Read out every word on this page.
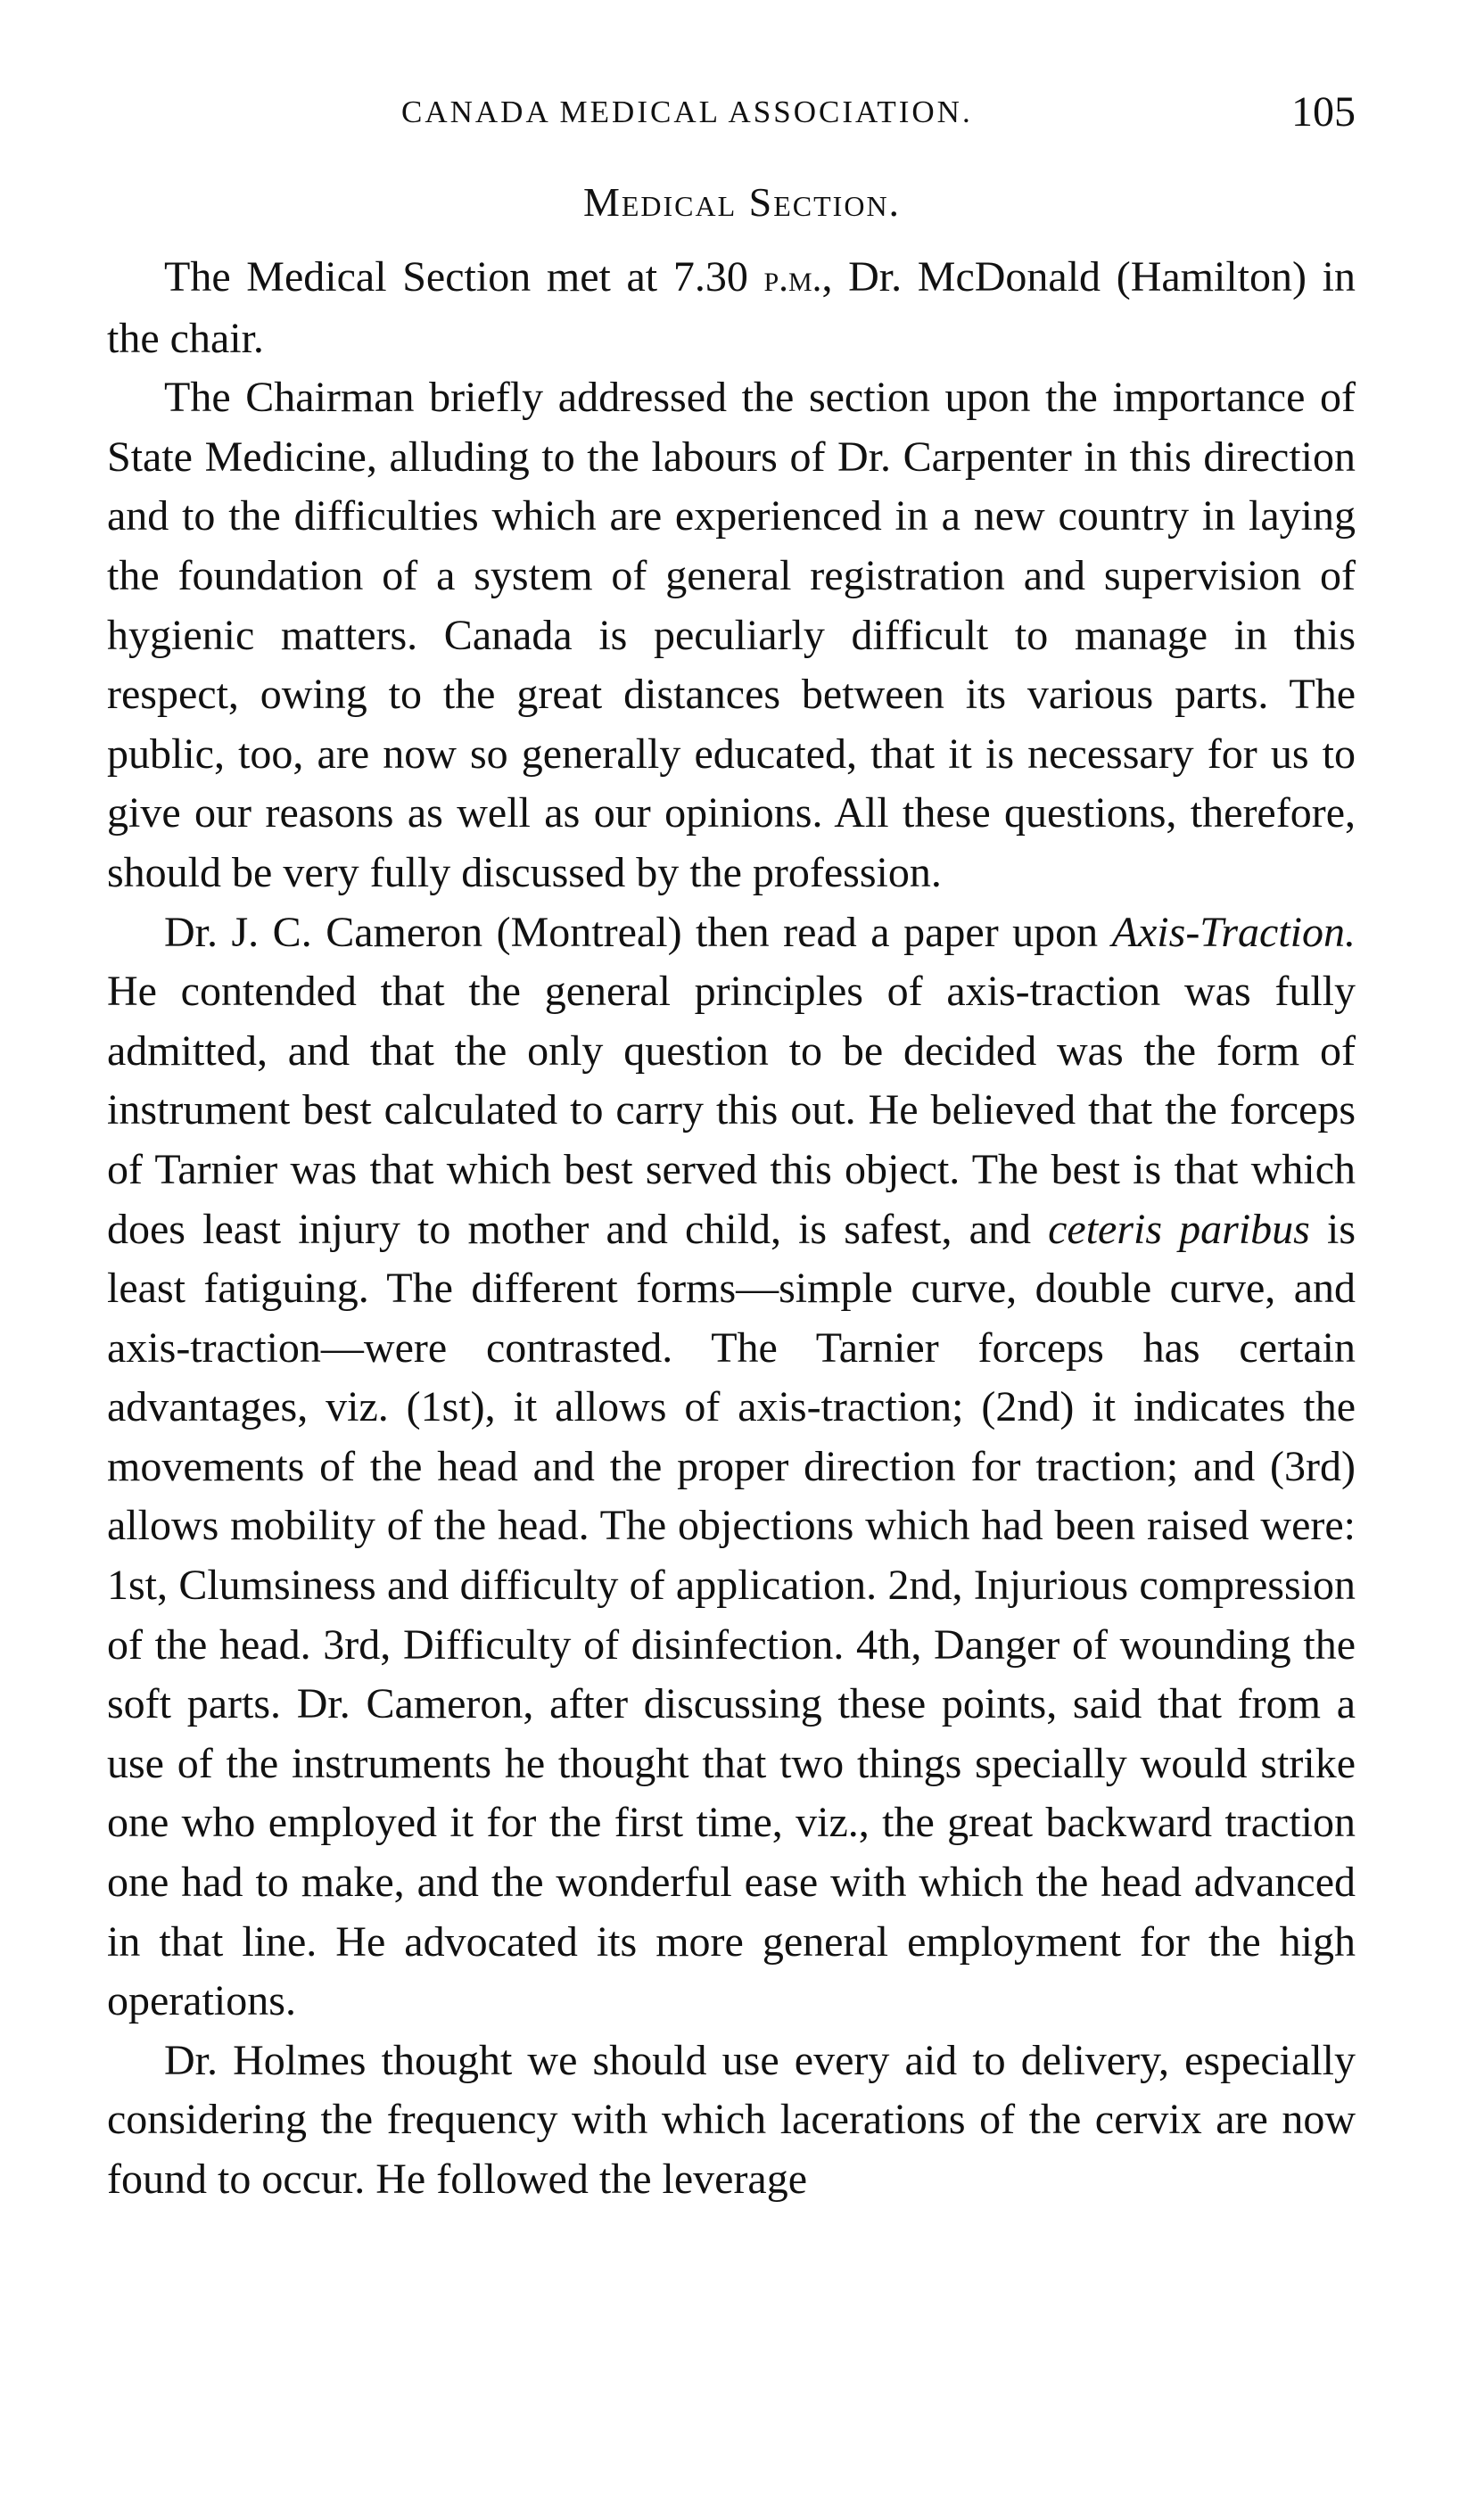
CANADA MEDICAL ASSOCIATION.	105
Medical Section.

The Medical Section met at 7.30 p.m., Dr. McDonald (Hamilton) in the chair.

The Chairman briefly addressed the section upon the importance of State Medicine, alluding to the labours of Dr. Carpenter in this direction and to the difficulties which are experienced in a new country in laying the foundation of a system of general registration and supervision of hygienic matters. Canada is peculiarly difficult to manage in this respect, owing to the great distances between its various parts. The public, too, are now so generally educated, that it is necessary for us to give our reasons as well as our opinions. All these questions, therefore, should be very fully discussed by the profession.

Dr. J. C. Cameron (Montreal) then read a paper upon Axis-Traction. He contended that the general principles of axis-traction was fully admitted, and that the only question to be decided was the form of instrument best calculated to carry this out. He believed that the forceps of Tarnier was that which best served this object. The best is that which does least injury to mother and child, is safest, and ceteris paribus is least fatiguing. The different forms—simple curve, double curve, and axis-traction—were contrasted. The Tarnier forceps has certain advantages, viz. (1st), it allows of axis-traction; (2nd) it indicates the movements of the head and the proper direction for traction; and (3rd) allows mobility of the head. The objections which had been raised were: 1st, Clumsiness and difficulty of application. 2nd, Injurious compression of the head. 3rd, Difficulty of disinfection. 4th, Danger of wounding the soft parts. Dr. Cameron, after discussing these points, said that from a use of the instruments he thought that two things specially would strike one who employed it for the first time, viz., the great backward traction one had to make, and the wonderful ease with which the head advanced in that line. He advocated its more general employment for the high operations.

Dr. Holmes thought we should use every aid to delivery, especially considering the frequency with which lacerations of the cervix are now found to occur. He followed the leverage
